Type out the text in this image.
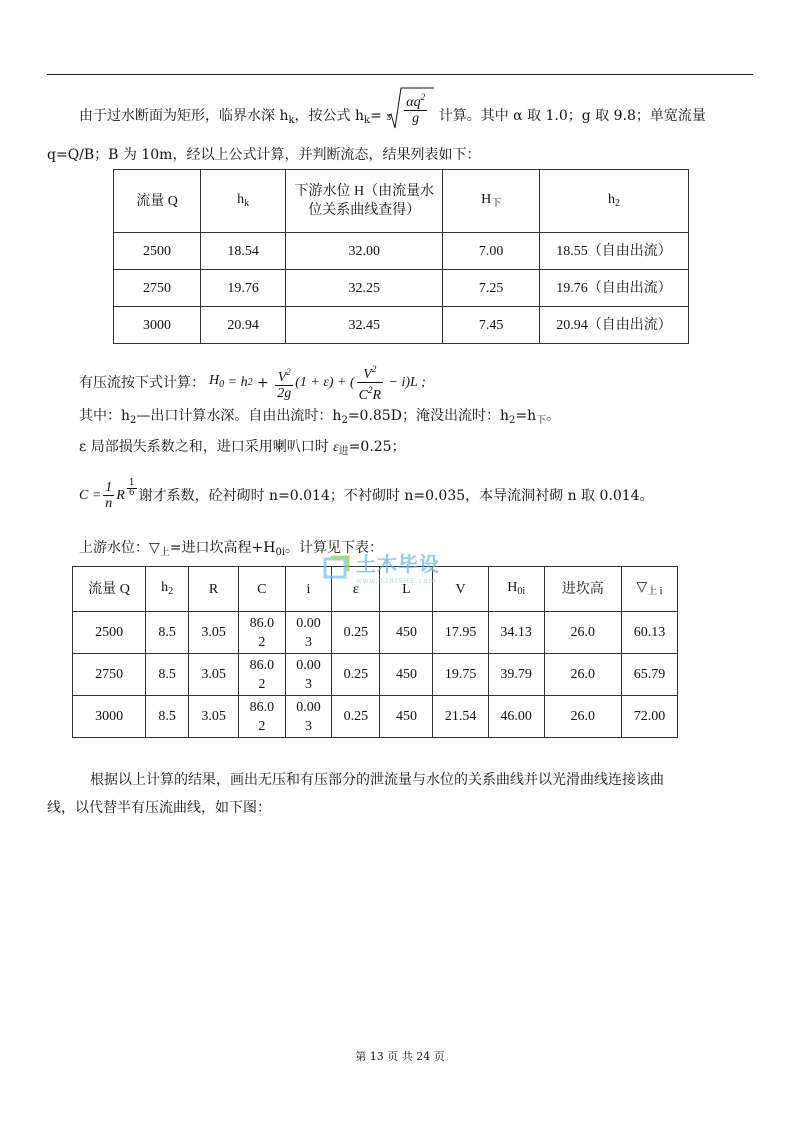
由于过水断面为矩形，临界水深 $h_k$，按公式 $h_k= 3 \frac{\alpha q^2}{g}$ 计算。其中 α 取 1.0；g 取 9.8；单宽流量
q=Q/B；B 为 10m，经以上公式计算，并判断流态，结果列表如下：
流量 Q	$h_k$	下游水位 H（由流量水位关系曲线查得）	$H_下$	$h_2$
2500	18.54	32.00	7.00	18.55（自由出流）
2750	19.76	32.25	7.25	19.76（自由出流）
3000	20.94	32.45	7.45	20.94（自由出流）
有压流按下式计算： $H_0 = h$ $2 + \frac{V^2}{2g} (1 + \varepsilon)$ + ( $\frac{V^2}{C^2R} - i)L$ ;
其中：$h_2—$出口计算水深。自由出流时：$h_2=0.85D$；淹没出流时：$h_2=h_下$。
ε 局部损失系数之和，进口采用喇叭口时 $\varepsilon_进=0.25$；
$C = \frac{1}{n}$ R $\frac{1}{6}$ 谢才系数，砼衬砌时 n=0.014；不衬砌时 n=0.035，本导流洞衬砌 n 取 0.014。
上游水位：$▽_上=$进口坎高程$+H_{0i}$。计算见下表：
流量 Q	$h_2$	R	C	i	ε	L	V	$H_{0i}$	进坎高	$▽_{上 i}$
2500	8.5	3.05	86.02	0.003	0.25	450	17.95	34.13	26.0	60.13
2750	8.5	3.05	86.02	0.003	0.25	450	19.75	39.79	26.0	65.79
3000	8.5	3.05	86.02	0.003	0.25	450	21.54	46.00	26.0	72.00
土木毕设
www.528ISHE.com
根据以上计算的结果，画出无压和有压部分的泄流量与水位的关系曲线并以光滑曲线连接该曲
线，以代替半有压流曲线，如下图：
第 13 页 共 24 页
